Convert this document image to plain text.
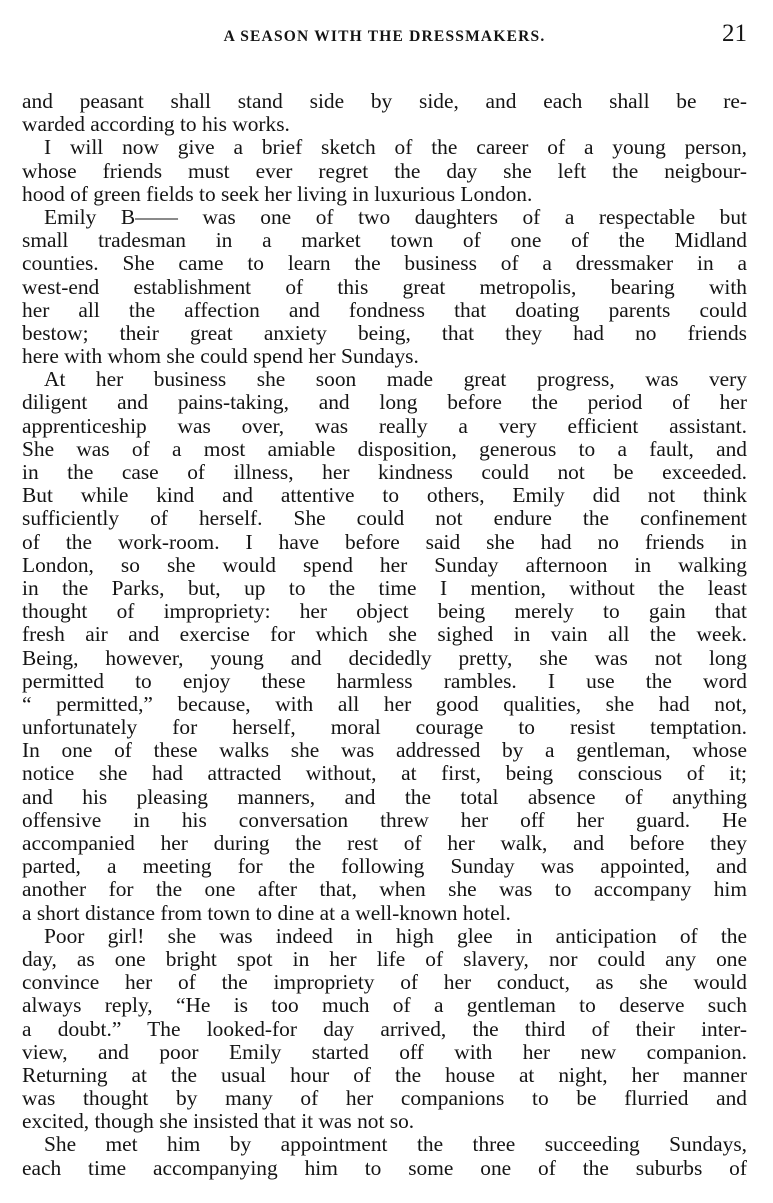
A SEASON WITH THE DRESSMAKERS.	21
and peasant shall stand side by side, and each shall be re-
warded according to his works.
I will now give a brief sketch of the career of a young person,
whose friends must ever regret the day she left the neigbour-
hood of green fields to seek her living in luxurious London.
Emily B—— was one of two daughters of a respectable but
small tradesman in a market town of one of the Midland
counties. She came to learn the business of a dressmaker in a
west-end establishment of this great metropolis, bearing with
her all the affection and fondness that doating parents could
bestow; their great anxiety being, that they had no friends
here with whom she could spend her Sundays.
At her business she soon made great progress, was very
diligent and pains-taking, and long before the period of her
apprenticeship was over, was really a very efficient assistant.
She was of a most amiable disposition, generous to a fault, and
in the case of illness, her kindness could not be exceeded.
But while kind and attentive to others, Emily did not think
sufficiently of herself. She could not endure the confinement
of the work-room. I have before said she had no friends in
London, so she would spend her Sunday afternoon in walking
in the Parks, but, up to the time I mention, without the least
thought of impropriety: her object being merely to gain that
fresh air and exercise for which she sighed in vain all the week.
Being, however, young and decidedly pretty, she was not long
permitted to enjoy these harmless rambles. I use the word
“ permitted,” because, with all her good qualities, she had not,
unfortunately for herself, moral courage to resist temptation.
In one of these walks she was addressed by a gentleman, whose
notice she had attracted without, at first, being conscious of it;
and his pleasing manners, and the total absence of anything
offensive in his conversation threw her off her guard. He
accompanied her during the rest of her walk, and before they
parted, a meeting for the following Sunday was appointed, and
another for the one after that, when she was to accompany him
a short distance from town to dine at a well-known hotel.
Poor girl! she was indeed in high glee in anticipation of the
day, as one bright spot in her life of slavery, nor could any one
convince her of the impropriety of her conduct, as she would
always reply, “He is too much of a gentleman to deserve such
a doubt.” The looked-for day arrived, the third of their inter-
view, and poor Emily started off with her new companion.
Returning at the usual hour of the house at night, her manner
was thought by many of her companions to be flurried and
excited, though she insisted that it was not so.
She met him by appointment the three succeeding Sundays,
each time accompanying him to some one of the suburbs of
